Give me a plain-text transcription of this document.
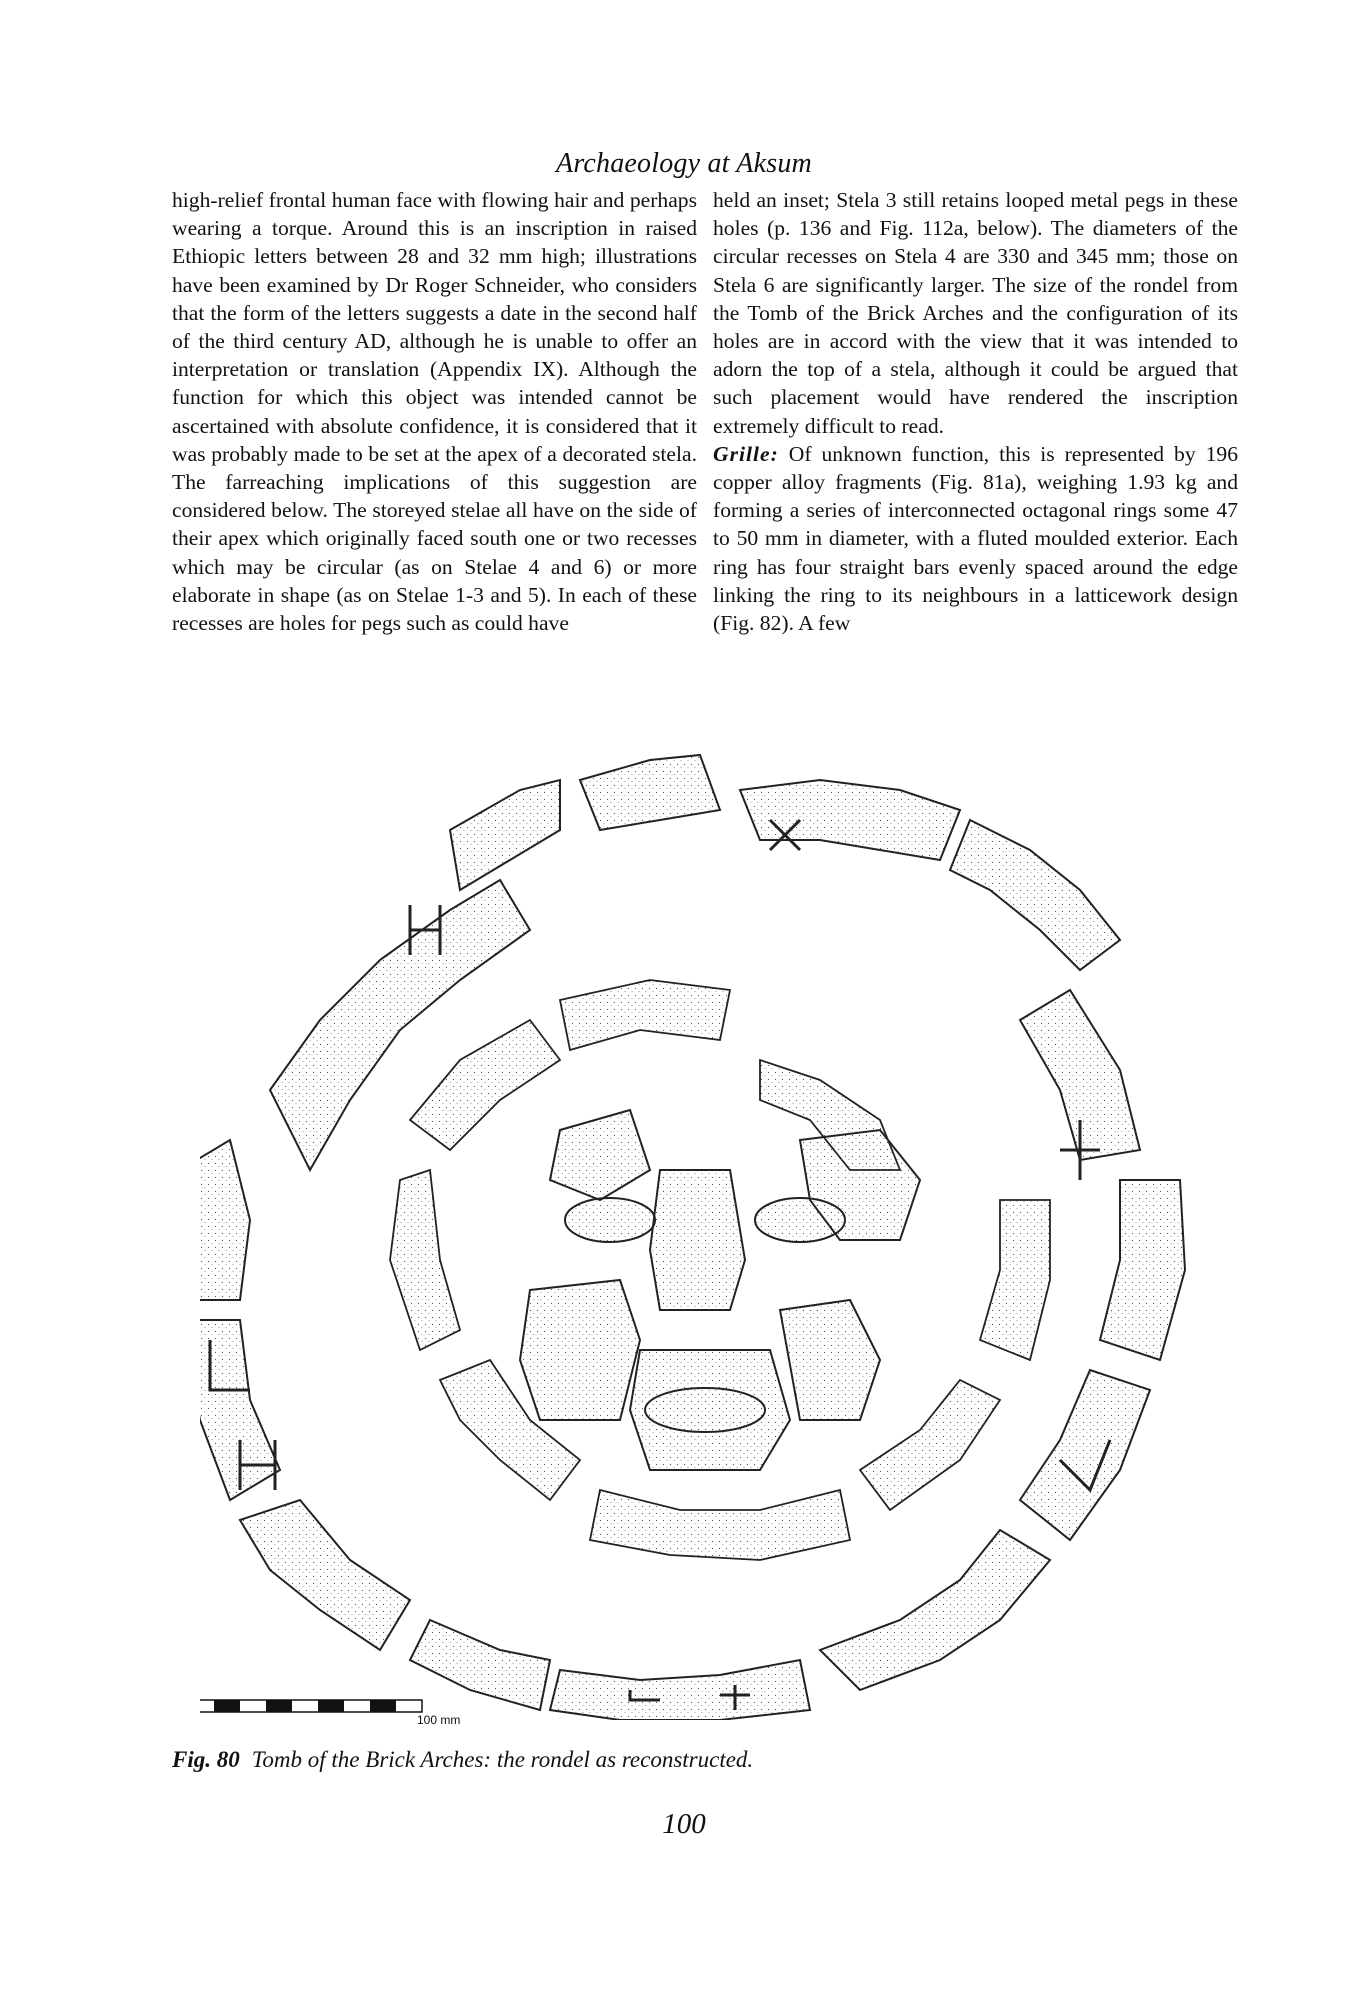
Archaeology at Aksum

high-relief frontal human face with flowing hair and perhaps wearing a torque. Around this is an inscription in raised Ethiopic letters between 28 and 32 mm high; illustrations have been examined by Dr Roger Schneider, who considers that the form of the letters suggests a date in the second half of the third century AD, although he is unable to offer an interpretation or translation (Appendix IX). Although the function for which this object was intended cannot be ascertained with absolute confidence, it is considered that it was probably made to be set at the apex of a decorated stela. The farreaching implications of this suggestion are considered below. The storeyed stelae all have on the side of their apex which originally faced south one or two recesses which may be circular (as on Stelae 4 and 6) or more elaborate in shape (as on Stelae 1-3 and 5). In each of these recesses are holes for pegs such as could have

held an inset; Stela 3 still retains looped metal pegs in these holes (p. 136 and Fig. 112a, below). The diameters of the circular recesses on Stela 4 are 330 and 345 mm; those on Stela 6 are significantly larger. The size of the rondel from the Tomb of the Brick Arches and the configuration of its holes are in accord with the view that it was intended to adorn the top of a stela, although it could be argued that such placement would have rendered the inscription extremely difficult to read.

Grille: Of unknown function, this is represented by 196 copper alloy fragments (Fig. 81a), weighing 1.93 kg and forming a series of interconnected octagonal rings some 47 to 50 mm in diameter, with a fluted moulded exterior. Each ring has four straight bars evenly spaced around the edge linking the ring to its neighbours in a latticework design (Fig. 82). A few

100 mm
Fig. 80 Tomb of the Brick Arches: the rondel as reconstructed.
100
